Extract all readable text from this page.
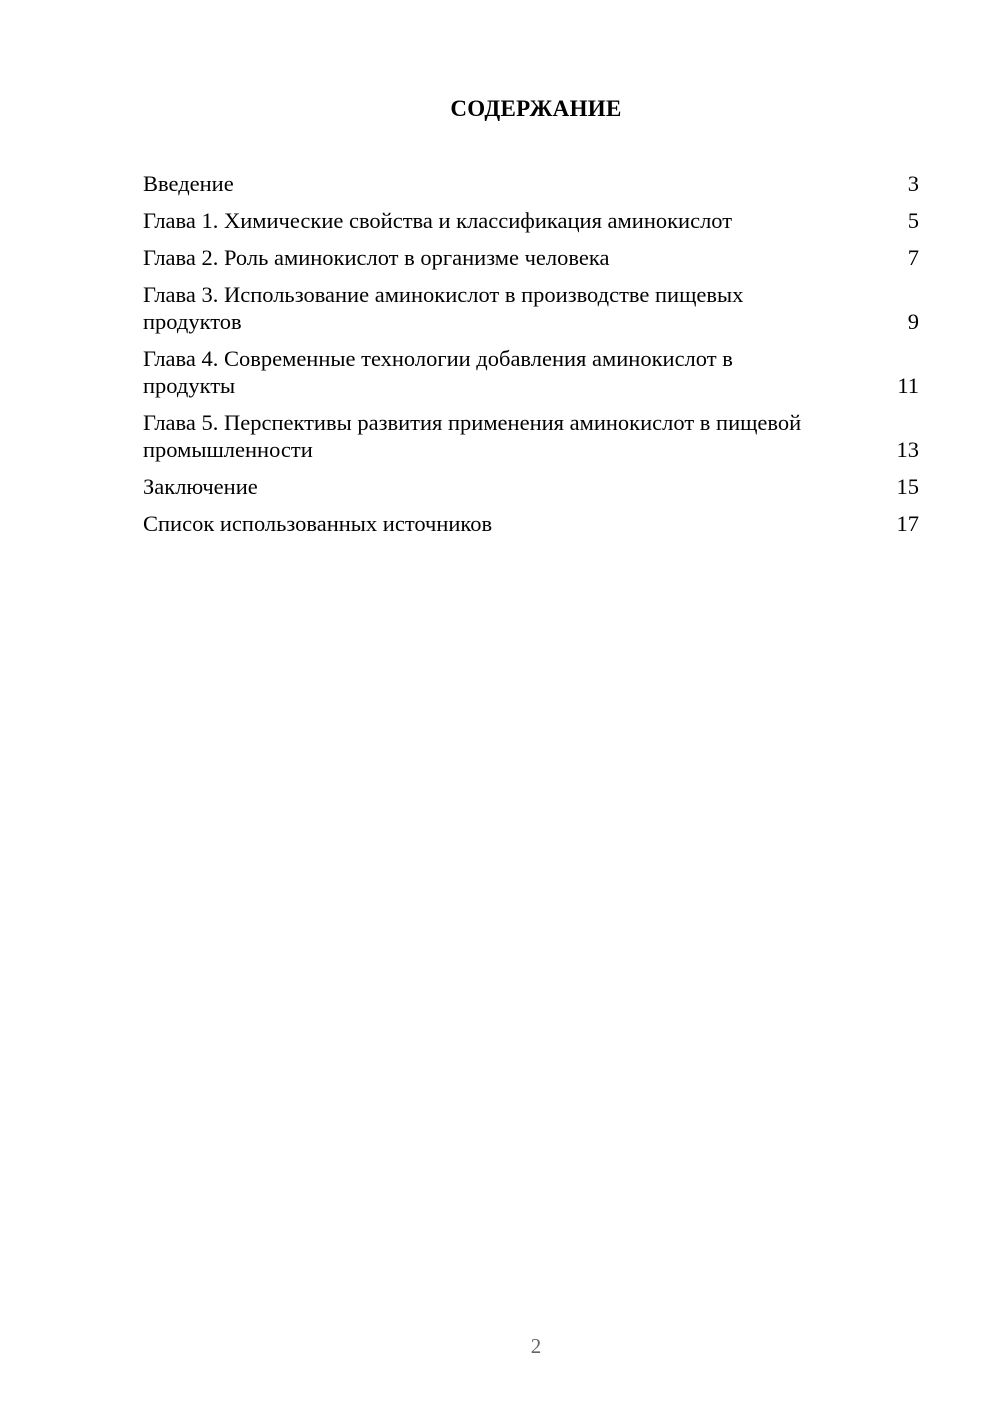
СОДЕРЖАНИЕ
Введение	3
Глава 1. Химические свойства и классификация аминокислот	5
Глава 2. Роль аминокислот в организме человека	7
Глава 3. Использование аминокислот в производстве пищевых продуктов	9
Глава 4. Современные технологии добавления аминокислот в продукты	11
Глава 5. Перспективы развития применения аминокислот в пищевой промышленности	13
Заключение	15
Список использованных источников	17
2
